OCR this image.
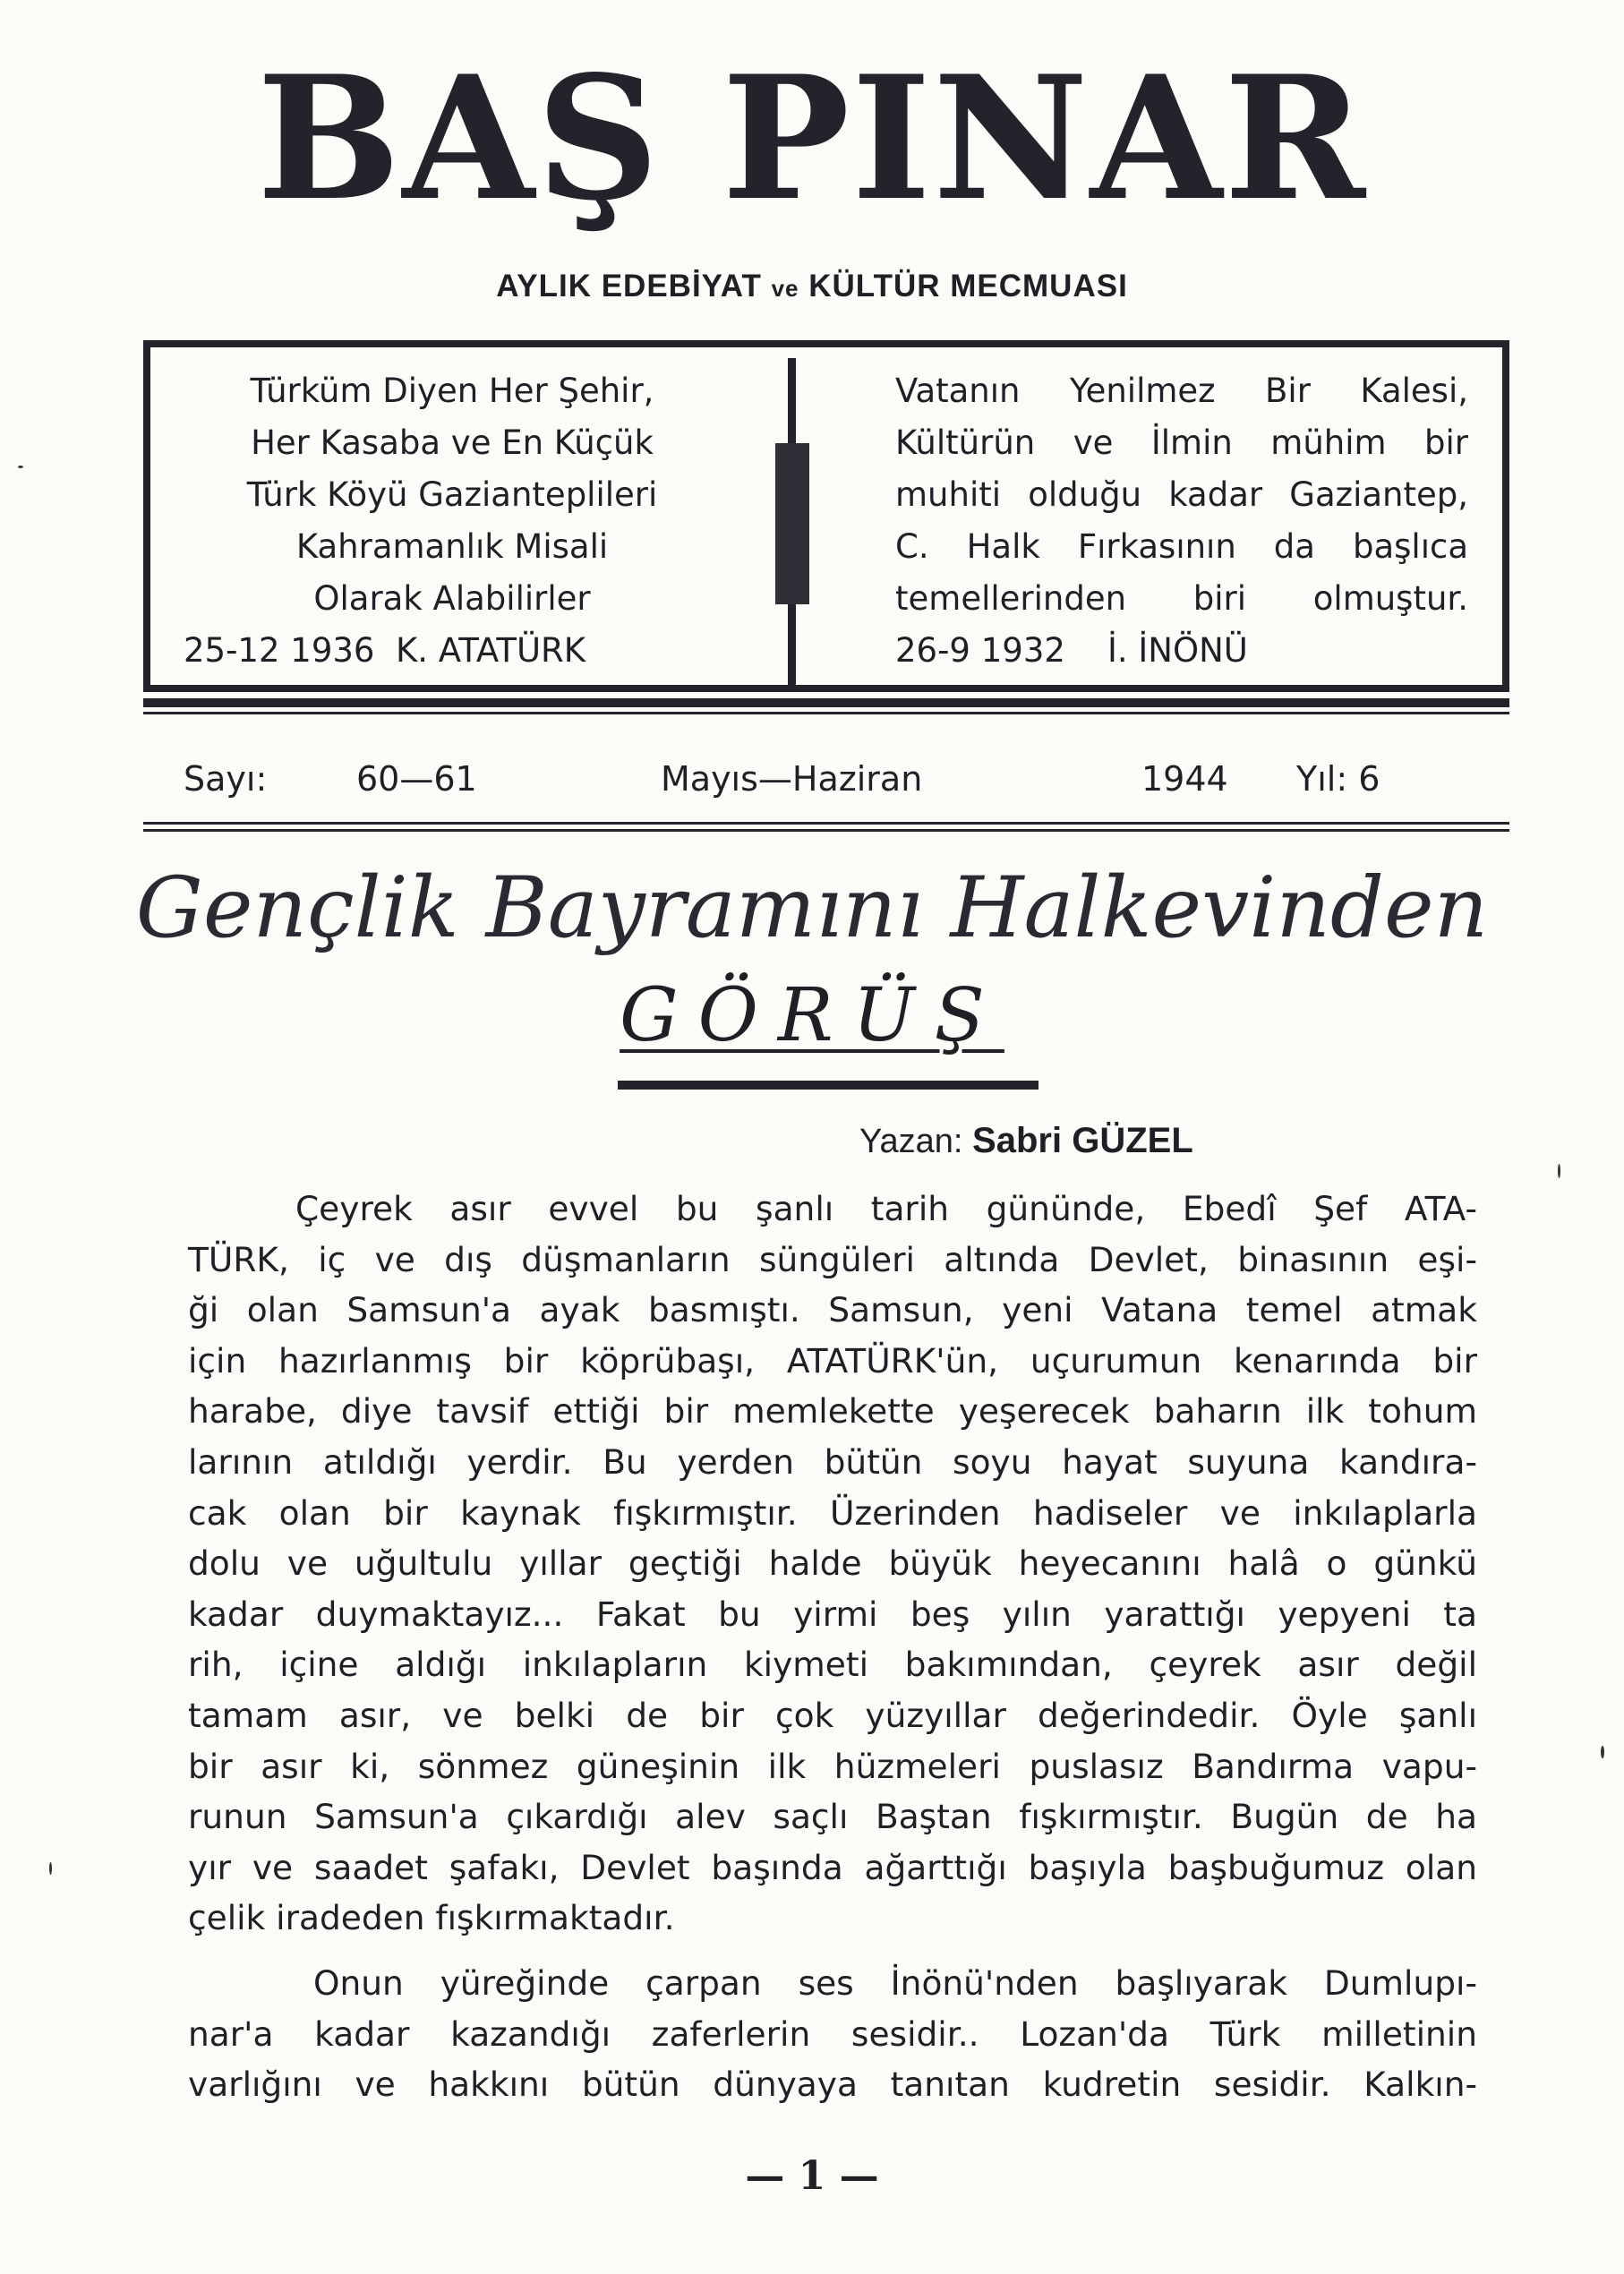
BAŞ PINAR
AYLIK EDEBİYAT ve KÜLTÜR MECMUASI
Türküm Diyen Her Şehir,
Her Kasaba ve En Küçük
Türk Köyü Gazianteplileri
Kahramanlık Misali
Olarak Alabilirler
25-12 1936 K. ATATÜRK
Vatanın Yenilmez Bir Kalesi,
Kültürün ve İlmin mühim bir
muhiti olduğu kadar Gaziantep,
C. Halk Fırkasının da başlıca
temellerinden biri olmuştur.
26-9 1932 İ. İNÖNÜ
Sayı:	60—61	Mayıs—Haziran	1944 Yıl: 6
Gençlik Bayramını Halkevinden
GÖRÜŞ
Yazan: Sabri GÜZEL
Çeyrek asır evvel bu şanlı tarih gününde, Ebedî Şef ATA-
TÜRK, iç ve dış düşmanların süngüleri altında Devlet, binasının eşi-
ği olan Samsun'a ayak basmıştı. Samsun, yeni Vatana temel atmak
için hazırlanmış bir köprübaşı, ATATÜRK'ün, uçurumun kenarında bir
harabe, diye tavsif ettiği bir memlekette yeşerecek baharın ilk tohum
larının atıldığı yerdir. Bu yerden bütün soyu hayat suyuna kandıra-
cak olan bir kaynak fışkırmıştır. Üzerinden hadiseler ve inkılaplarla
dolu ve uğultulu yıllar geçtiği halde büyük heyecanını halâ o günkü
kadar duymaktayız... Fakat bu yirmi beş yılın yarattığı yepyeni ta
rih, içine aldığı inkılapların kiymeti bakımından, çeyrek asır değil
tamam asır, ve belki de bir çok yüzyıllar değerindedir. Öyle şanlı
bir asır ki, sönmez güneşinin ilk hüzmeleri puslasız Bandırma vapu-
runun Samsun'a çıkardığı alev saçlı Baştan fışkırmıştır. Bugün de ha
yır ve saadet şafakı, Devlet başında ağarttığı başıyla başbuğumuz olan
çelik iradeden fışkırmaktadır.
Onun yüreğinde çarpan ses İnönü'nden başlıyarak Dumlupı-
nar'a kadar kazandığı zaferlerin sesidir.. Lozan'da Türk milletinin
varlığını ve hakkını bütün dünyaya tanıtan kudretin sesidir. Kalkın-
— 1 —
